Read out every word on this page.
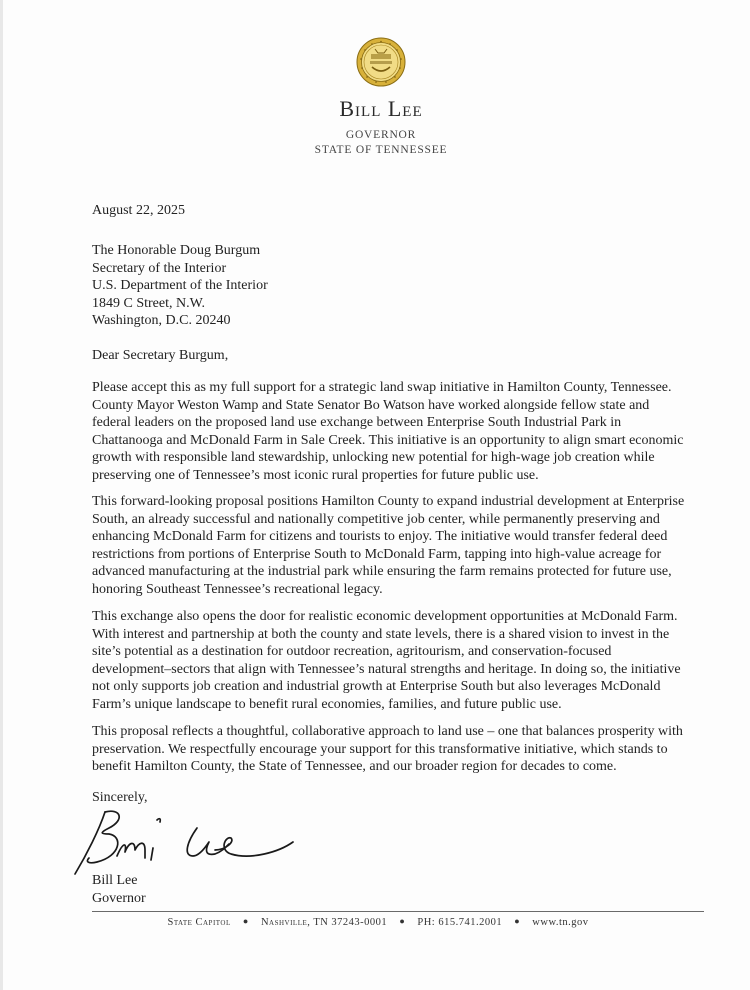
Bill Lee
GOVERNOR
STATE OF TENNESSEE
August 22, 2025
The Honorable Doug Burgum
Secretary of the Interior
U.S. Department of the Interior
1849 C Street, N.W.
Washington, D.C. 20240
Dear Secretary Burgum,
Please accept this as my full support for a strategic land swap initiative in Hamilton County, Tennessee.
County Mayor Weston Wamp and State Senator Bo Watson have worked alongside fellow state and
federal leaders on the proposed land use exchange between Enterprise South Industrial Park in
Chattanooga and McDonald Farm in Sale Creek. This initiative is an opportunity to align smart economic
growth with responsible land stewardship, unlocking new potential for high-wage job creation while
preserving one of Tennessee’s most iconic rural properties for future public use.
This forward-looking proposal positions Hamilton County to expand industrial development at Enterprise
South, an already successful and nationally competitive job center, while permanently preserving and
enhancing McDonald Farm for citizens and tourists to enjoy. The initiative would transfer federal deed
restrictions from portions of Enterprise South to McDonald Farm, tapping into high-value acreage for
advanced manufacturing at the industrial park while ensuring the farm remains protected for future use,
honoring Southeast Tennessee’s recreational legacy.
This exchange also opens the door for realistic economic development opportunities at McDonald Farm.
With interest and partnership at both the county and state levels, there is a shared vision to invest in the
site’s potential as a destination for outdoor recreation, agritourism, and conservation-focused
development–sectors that align with Tennessee’s natural strengths and heritage. In doing so, the initiative
not only supports job creation and industrial growth at Enterprise South but also leverages McDonald
Farm’s unique landscape to benefit rural economies, families, and future public use.
This proposal reflects a thoughtful, collaborative approach to land use – one that balances prosperity with
preservation. We respectfully encourage your support for this transformative initiative, which stands to
benefit Hamilton County, the State of Tennessee, and our broader region for decades to come.
Sincerely,
Bill Lee
Governor
State Capitol ● Nashville, TN 37243-0001 ● PH: 615.741.2001 ● www.tn.gov
